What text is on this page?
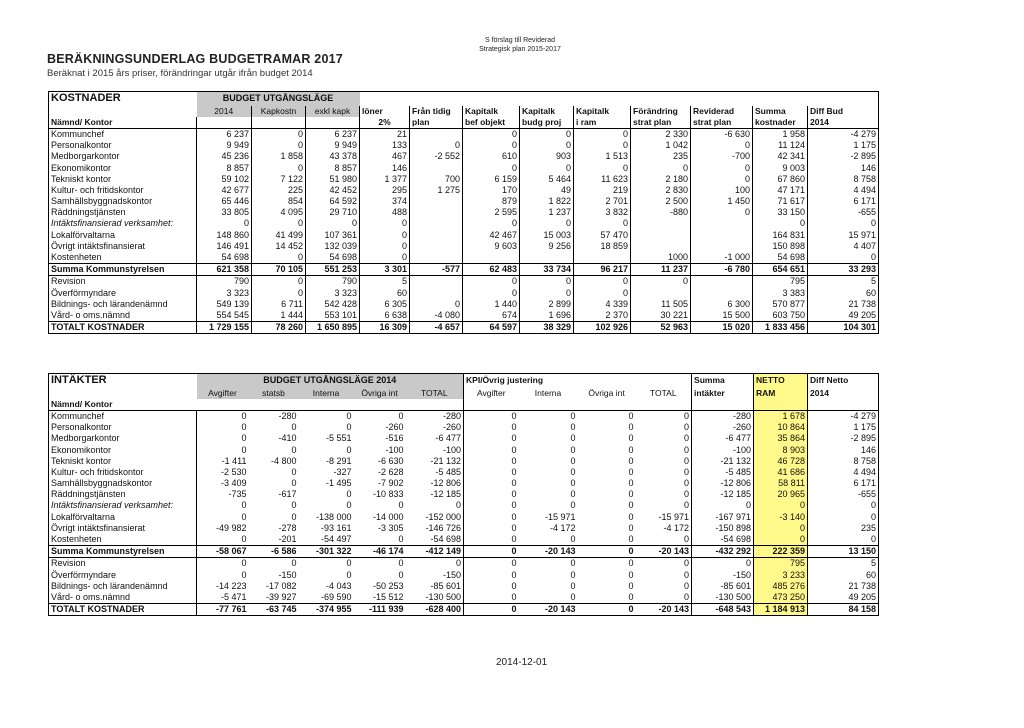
S förslag till Reviderad
Strategisk plan 2015-2017
BERÄKNINGSUNDERLAG BUDGETRAMAR 2017
Beräknat i 2015 års priser, förändringar utgår ifrån budget 2014
KOSTNADER	BUDGET UTGÅNGSLÄGE											
	2014	Kapkostn	exkl kapk	löner	Från tidig	Kapitalk	Kapitalk	Kapitalk	Förändring	Reviderad	Summa	Diff Bud
Nämnd/ Kontor				2%	plan	bef objekt	budg proj	i ram	strat plan	strat plan	kostnader	2014
Kommunchef	6 237	0	6 237	21		0	0	0	2 330	-6 630	1 958	-4 279
Personalkontor	9 949	0	9 949	133	0	0	0	0	1 042	0	11 124	1 175
Medborgarkontor	45 236	1 858	43 378	467	-2 552	610	903	1 513	235	-700	42 341	-2 895
Ekonomikontor	8 857	0	8 857	146		0	0	0	0	0	9 003	146
Tekniskt kontor	59 102	7 122	51 980	1 377	700	6 159	5 464	11 623	2 180	0	67 860	8 758
Kultur- och fritidskontor	42 677	225	42 452	295	1 275	170	49	219	2 830	100	47 171	4 494
Samhällsbyggnadskontor	65 446	854	64 592	374		879	1 822	2 701	2 500	1 450	71 617	6 171
Räddningstjänsten	33 805	4 095	29 710	488		2 595	1 237	3 832	-880	0	33 150	-655
Intäktsfinansierad verksamhet:	0	0	0	0		0	0	0			0	0
Lokalförvaltarna	148 860	41 499	107 361	0		42 467	15 003	57 470			164 831	15 971
Övrigt intäktsfinansierat	146 491	14 452	132 039	0		9 603	9 256	18 859			150 898	4 407
Kostenheten	54 698	0	54 698	0					1000	-1 000	54 698	0
Summa Kommunstyrelsen	621 358	70 105	551 253	3 301	-577	62 483	33 734	96 217	11 237	-6 780	654 651	33 293
Revision	790	0	790	5		0	0	0	0		795	5
Överförmyndare	3 323	0	3 323	60		0	0	0			3 383	60
Bildnings- och lärandenämnd	549 139	6 711	542 428	6 305	0	1 440	2 899	4 339	11 505	6 300	570 877	21 738
Vård- o oms.nämnd	554 545	1 444	553 101	6 638	-4 080	674	1 696	2 370	30 221	15 500	603 750	49 205
TOTALT KOSTNADER	1 729 155	78 260	1 650 895	16 309	-4 657	64 597	38 329	102 926	52 963	15 020	1 833 456	104 301
INTÄKTER	BUDGET UTGÅNGSLÄGE 2014					KPI/Övrig justering				Summa	NETTO	Diff Netto
	Avgifter	statsb	Interna	Övriga int	TOTAL	Avgifter	Interna	Övriga int	TOTAL	intäkter	RAM	2014
Nämnd/ Kontor												
Kommunchef	0	-280	0	0	-280	0	0	0	0	-280	1 678	-4 279
Personalkontor	0	0	0	-260	-260	0	0	0	0	-260	10 864	1 175
Medborgarkontor	0	-410	-5 551	-516	-6 477	0	0	0	0	-6 477	35 864	-2 895
Ekonomikontor	0	0	0	-100	-100	0	0	0	0	-100	8 903	146
Tekniskt kontor	-1 411	-4 800	-8 291	-6 630	-21 132	0	0	0	0	-21 132	46 728	8 758
Kultur- och fritidskontor	-2 530	0	-327	-2 628	-5 485	0	0	0	0	-5 485	41 686	4 494
Samhällsbyggnadskontor	-3 409	0	-1 495	-7 902	-12 806	0	0	0	0	-12 806	58 811	6 171
Räddningstjänsten	-735	-617	0	-10 833	-12 185	0	0	0	0	-12 185	20 965	-655
Intäktsfinansierad verksamhet:	0	0	0	0	0	0	0	0	0	0	0	0
Lokalförvaltarna	0	0	-138 000	-14 000	-152 000	0	-15 971	0	-15 971	-167 971	-3 140	0
Övrigt intäktsfinansierat	-49 982	-278	-93 161	-3 305	-146 726	0	-4 172	0	-4 172	-150 898	0	235
Kostenheten	0	-201	-54 497	0	-54 698	0	0	0	0	-54 698	0	0
Summa Kommunstyrelsen	-58 067	-6 586	-301 322	-46 174	-412 149	0	-20 143	0	-20 143	-432 292	222 359	13 150
Revision	0	0	0	0	0	0	0	0	0	0	795	5
Överförmyndare	0	-150	0	0	-150	0	0	0	0	-150	3 233	60
Bildnings- och lärandenämnd	-14 223	-17 082	-4 043	-50 253	-85 601	0	0	0	0	-85 601	485 276	21 738
Vård- o oms.nämnd	-5 471	-39 927	-69 590	-15 512	-130 500	0	0	0	0	-130 500	473 250	49 205
TOTALT KOSTNADER	-77 761	-63 745	-374 955	-111 939	-628 400	0	-20 143	0	-20 143	-648 543	1 184 913	84 158
2014-12-01
